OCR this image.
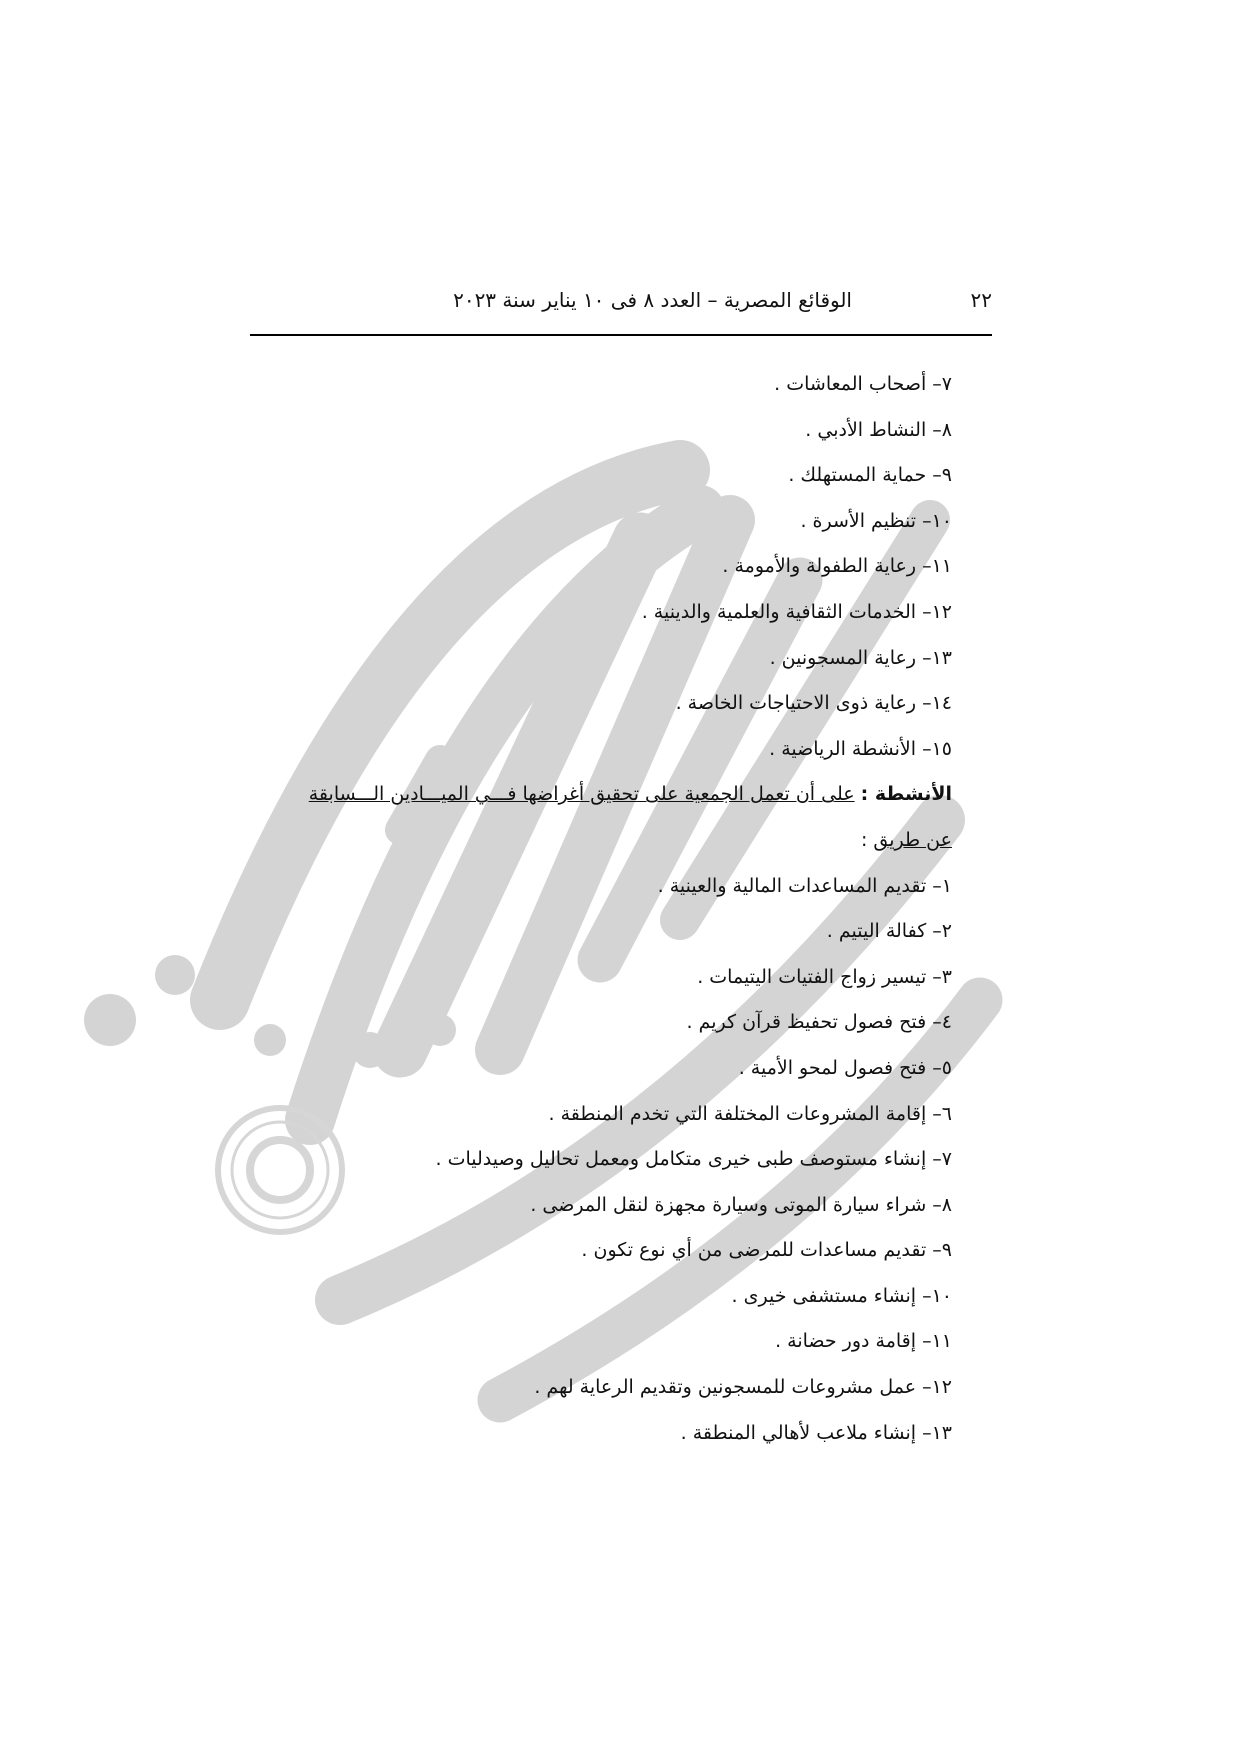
٢٢
الوقائع المصرية – العدد ٨ فى ١٠ يناير سنة ٢٠٢٣
٧– أصحاب المعاشات .
٨– النشاط الأدبي .
٩– حماية المستهلك .
١٠– تنظيم الأسرة .
١١– رعاية الطفولة والأمومة .
١٢– الخدمات الثقافية والعلمية والدينية .
١٣– رعاية المسجونين .
١٤– رعاية ذوى الاحتياجات الخاصة .
١٥– الأنشطة الرياضية .
الأنشطة : على أن تعمل الجمعية على تحقيق أغراضها فـــي الميـــادين الـــسابقة
عن طريق :
١– تقديم المساعدات المالية والعينية .
٢– كفالة اليتيم .
٣– تيسير زواج الفتيات اليتيمات .
٤– فتح فصول تحفيظ قرآن كريم .
٥– فتح فصول لمحو الأمية .
٦– إقامة المشروعات المختلفة التي تخدم المنطقة .
٧– إنشاء مستوصف طبى خيرى متكامل ومعمل تحاليل وصيدليات .
٨– شراء سيارة الموتى وسيارة مجهزة لنقل المرضى .
٩– تقديم مساعدات للمرضى من أي نوع تكون .
١٠– إنشاء مستشفى خيرى .
١١– إقامة دور حضانة .
١٢– عمل مشروعات للمسجونين وتقديم الرعاية لهم .
١٣– إنشاء ملاعب لأهالي المنطقة .
